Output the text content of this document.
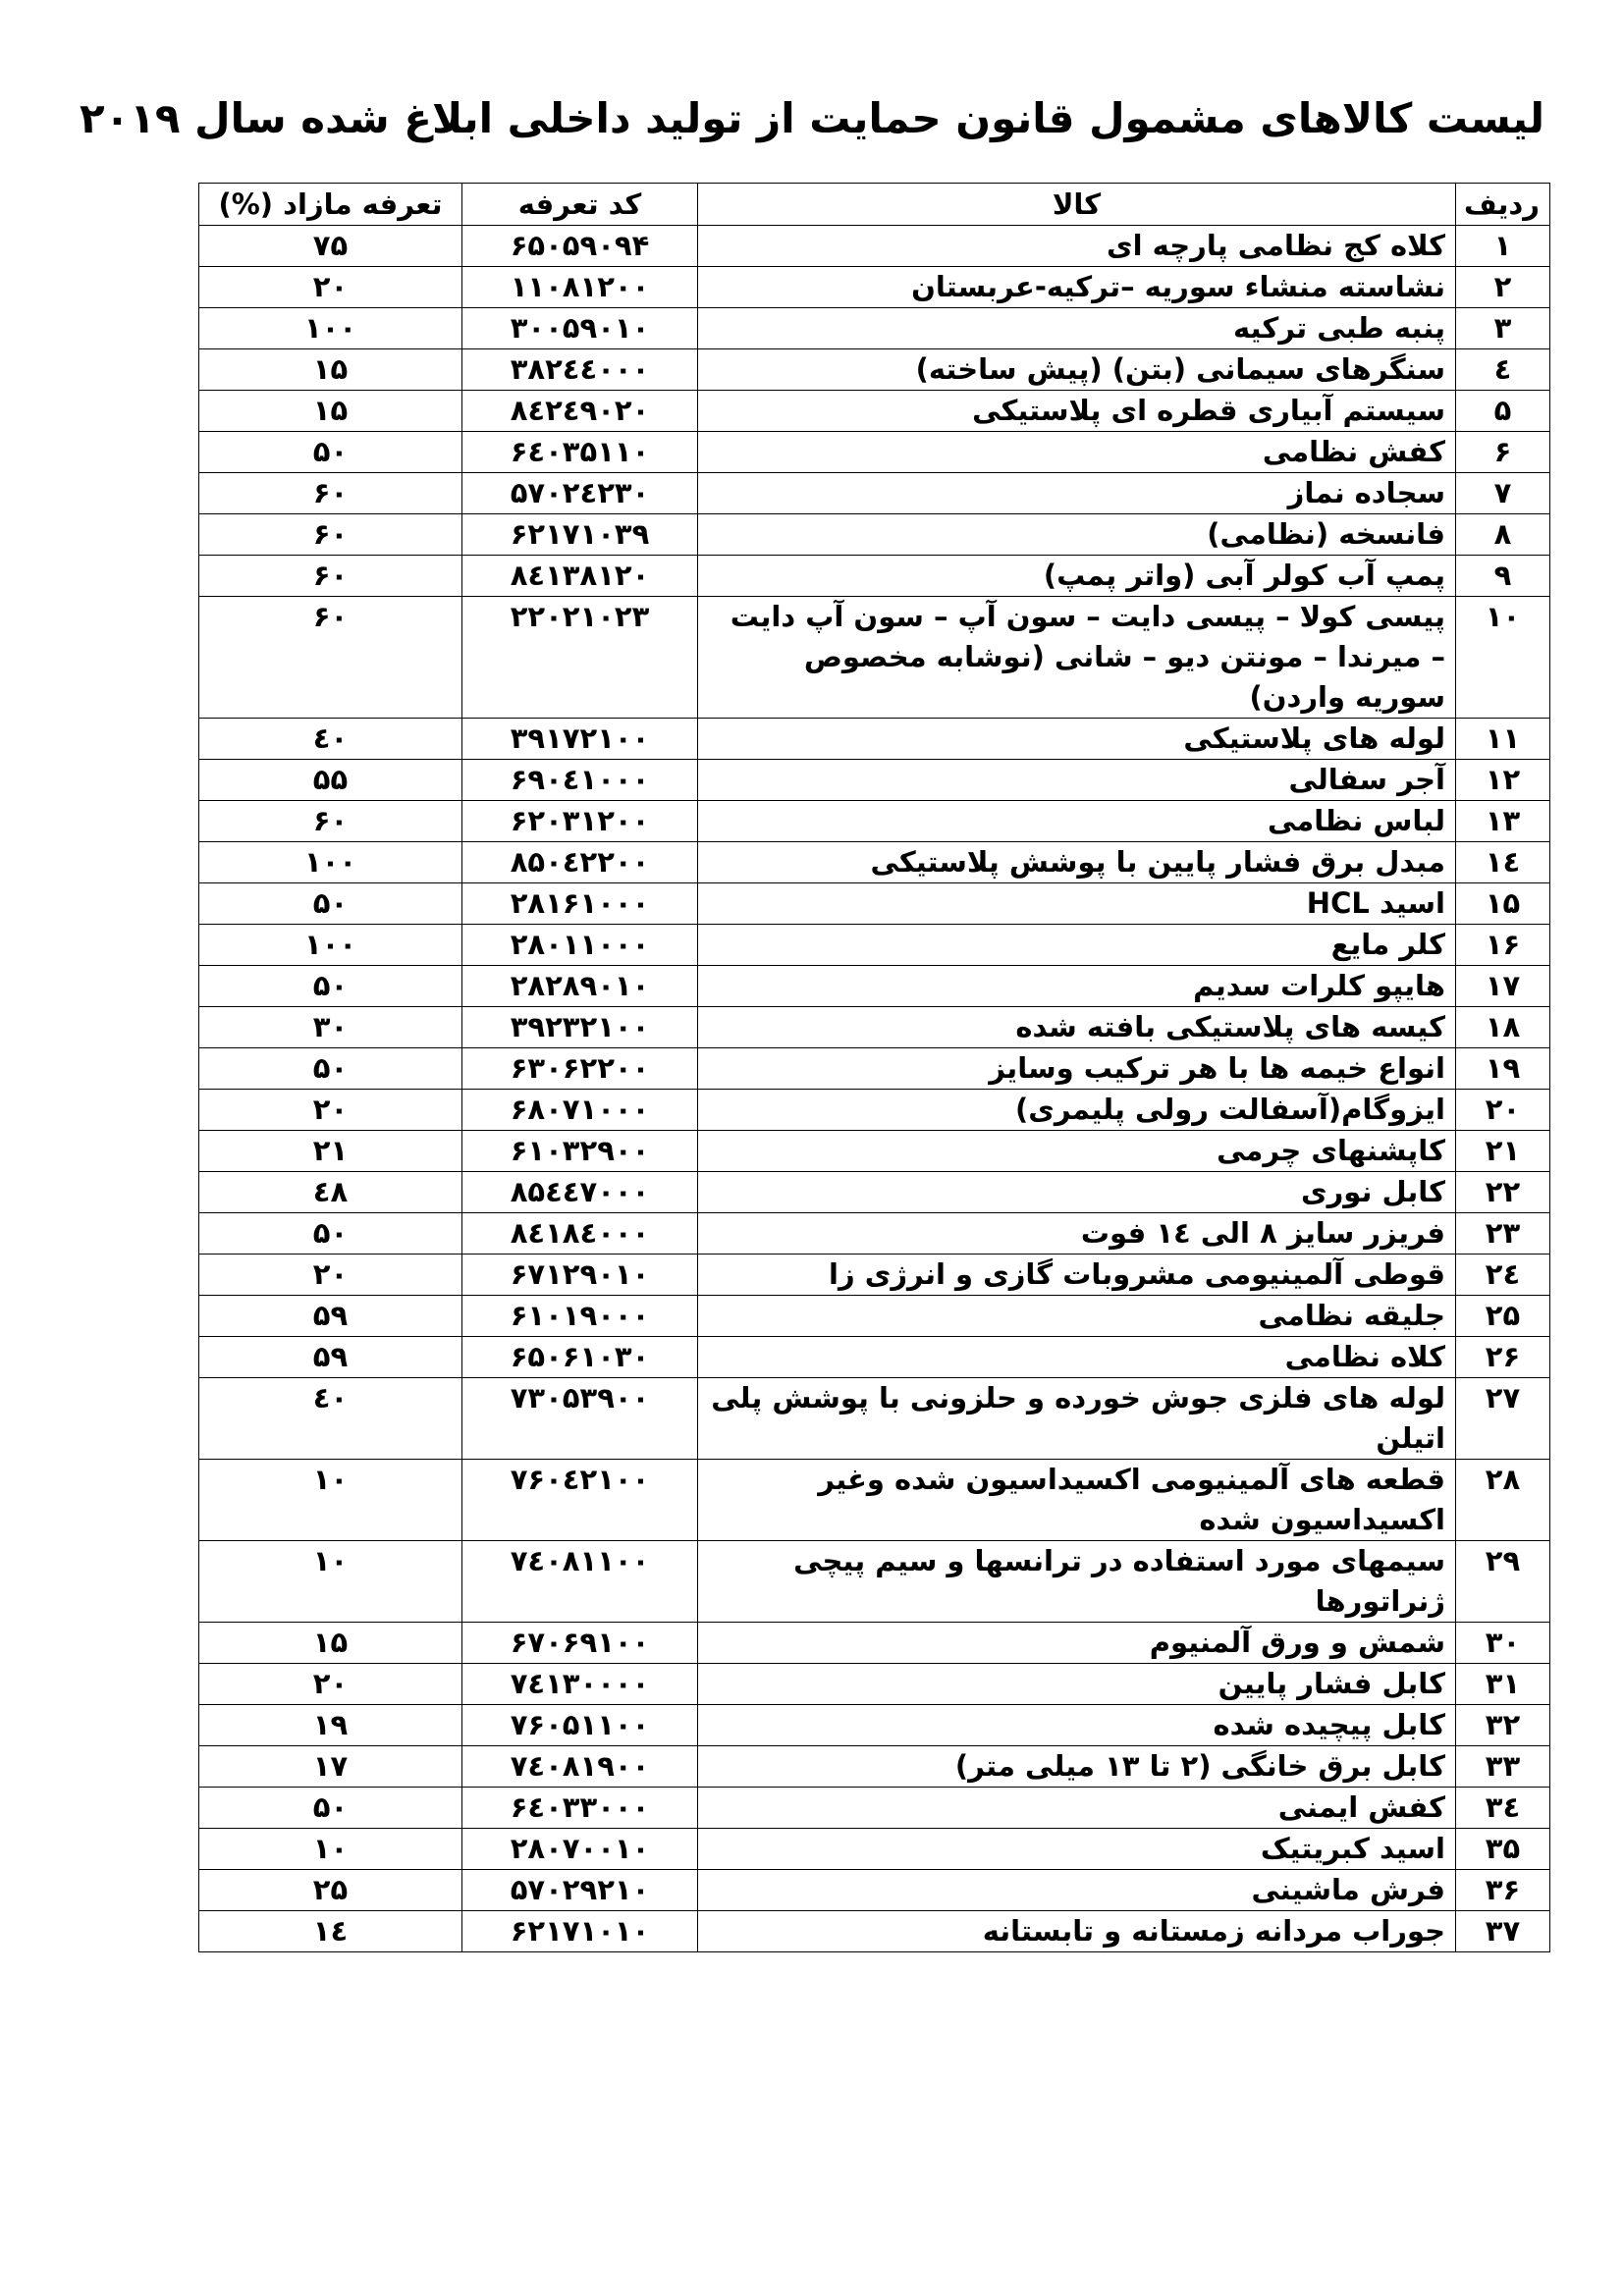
لیست کالاهای مشمول قانون حمایت از تولید داخلی ابلاغ شده سال ۲۰۱۹
ردیف	کالا	کد تعرفه	تعرفه مازاد (%)
۱	کلاه کج نظامی پارچه ای	۶۵۰۵۹۰۹۴	۷۵
۲	نشاسته منشاء سوریه –ترکیه-عربستان	۱۱۰۸۱۲۰۰	۲۰
۳	پنبه طبی ترکیه	۳۰۰۵۹۰۱۰	۱۰۰
٤	سنگرهای سیمانی (بتن) (پیش ساخته)	۳۸۲٤٤۰۰۰	۱۵
۵	سیستم آبیاری قطره ای پلاستیکی	۸٤۲٤۹۰۲۰	۱۵
۶	کفش نظامی	۶٤۰۳۵۱۱۰	۵۰
۷	سجاده نماز	۵۷۰۲٤۲۳۰	۶۰
۸	فانسخه (نظامی)	۶۲۱۷۱۰۳۹	۶۰
۹	پمپ آب کولر آبی (واتر پمپ)	۸٤۱۳۸۱۲۰	۶۰
۱۰	پیسی کولا – پیسی دایت – سون آپ – سون آپ دایت – میرندا – مونتن دیو – شانی (نوشابه مخصوص سوریه واردن)	۲۲۰۲۱۰۲۳	۶۰
۱۱	لوله های پلاستیکی	۳۹۱۷۲۱۰۰	٤۰
۱۲	آجر سفالی	۶۹۰٤۱۰۰۰	۵۵
۱۳	لباس نظامی	۶۲۰۳۱۲۰۰	۶۰
۱٤	مبدل برق فشار پایین با پوشش پلاستیکی	۸۵۰٤۲۲۰۰	۱۰۰
۱۵	اسید HCL	۲۸۱۶۱۰۰۰	۵۰
۱۶	کلر مایع	۲۸۰۱۱۰۰۰	۱۰۰
۱۷	هایپو کلرات سدیم	۲۸۲۸۹۰۱۰	۵۰
۱۸	کیسه های پلاستیکی بافته شده	۳۹۲۳۲۱۰۰	۳۰
۱۹	انواع خیمه ها با هر ترکیب وسایز	۶۳۰۶۲۲۰۰	۵۰
۲۰	ایزوگام(آسفالت رولی پلیمری)	۶۸۰۷۱۰۰۰	۲۰
۲۱	کاپشنهای چرمی	۶۱۰۳۲۹۰۰	۲۱
۲۲	کابل نوری	۸۵٤٤۷۰۰۰	٤۸
۲۳	فریزر سایز ۸ الی ۱٤ فوت	۸٤۱۸٤۰۰۰	۵۰
۲٤	قوطی آلمینیومی مشروبات گازی و انرژی زا	۶۷۱۲۹۰۱۰	۲۰
۲۵	جلیقه نظامی	۶۱۰۱۹۰۰۰	۵۹
۲۶	کلاه نظامی	۶۵۰۶۱۰۳۰	۵۹
۲۷	لوله های فلزی جوش خورده و حلزونی با پوشش پلی اتیلن	۷۳۰۵۳۹۰۰	٤۰
۲۸	قطعه های آلمینیومی اکسیداسیون شده وغیر اکسیداسیون شده	۷۶۰٤۲۱۰۰	۱۰
۲۹	سیمهای مورد استفاده در ترانسها و سیم پیچی ژنراتورها	۷٤۰۸۱۱۰۰	۱۰
۳۰	شمش و ورق آلمنیوم	۶۷۰۶۹۱۰۰	۱۵
۳۱	کابل فشار پایین	۷٤۱۳۰۰۰۰	۲۰
۳۲	کابل پیچیده شده	۷۶۰۵۱۱۰۰	۱۹
۳۳	کابل برق خانگی (۲ تا ۱۳ میلی متر)	۷٤۰۸۱۹۰۰	۱۷
۳٤	کفش ایمنی	۶٤۰۳۳۰۰۰	۵۰
۳۵	اسید کبریتیک	۲۸۰۷۰۰۱۰	۱۰
۳۶	فرش ماشینی	۵۷۰۲۹۲۱۰	۲۵
۳۷	جوراب مردانه زمستانه و تابستانه	۶۲۱۷۱۰۱۰	۱٤
